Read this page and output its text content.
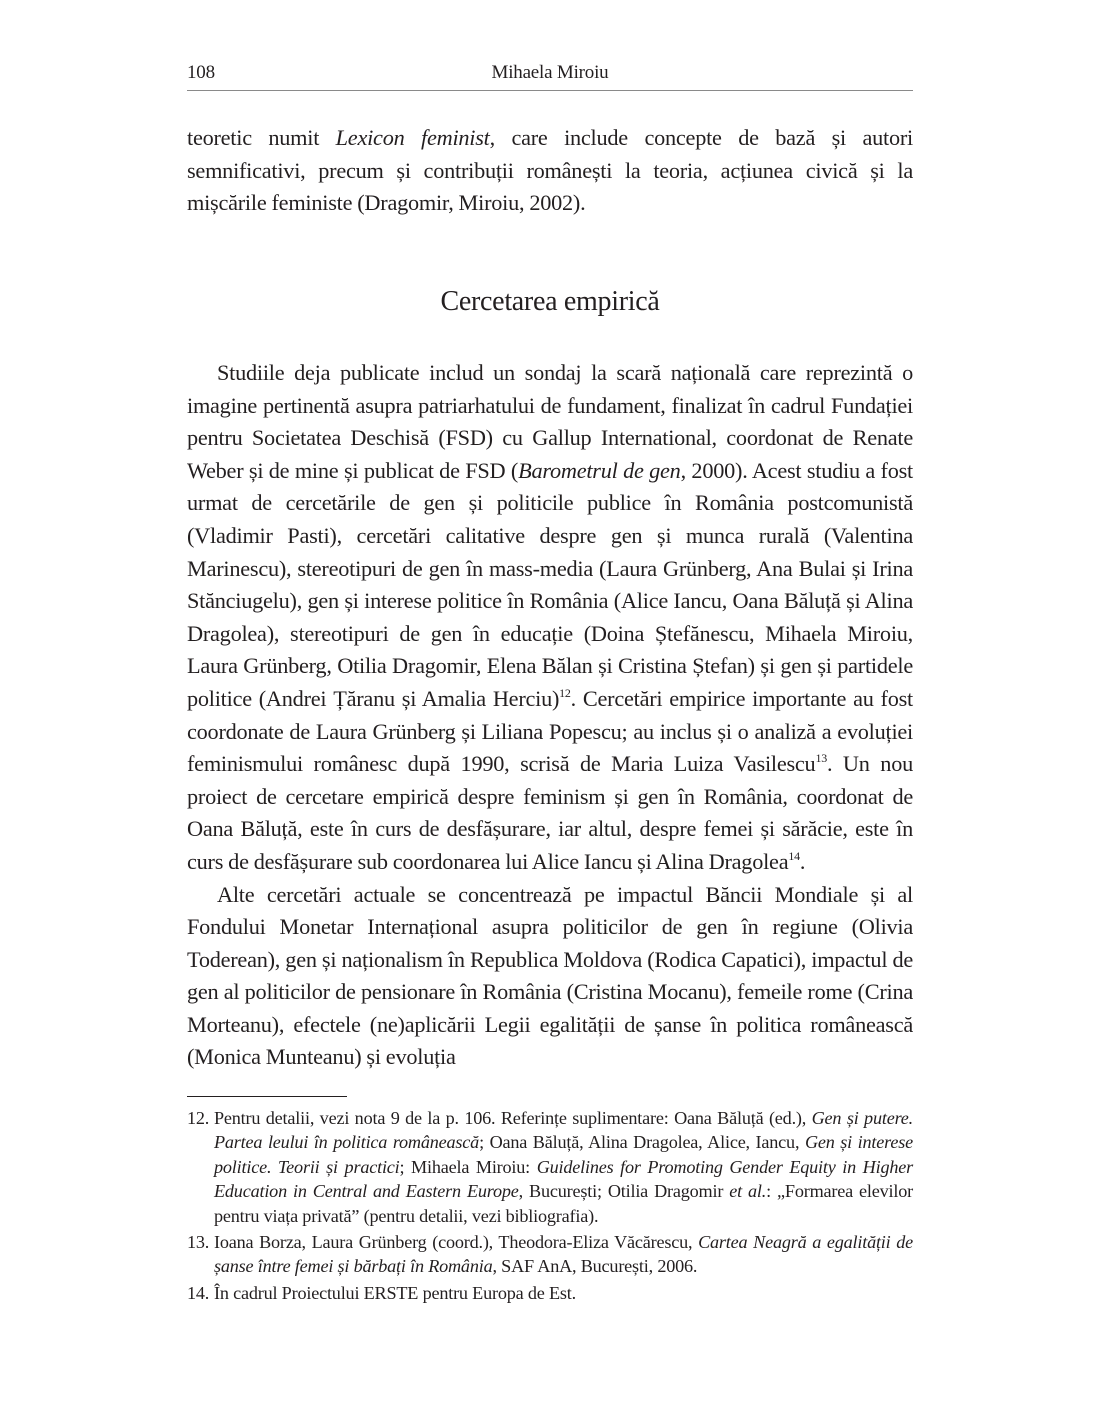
108	Mihaela Miroiu

teoretic numit Lexicon feminist, care include concepte de bază și autori semnificativi, precum și contribuții românești la teoria, acțiunea civică și la mișcările feministe (Dragomir, Miroiu, 2002).

Cercetarea empirică

Studiile deja publicate includ un sondaj la scară națională care reprezintă o imagine pertinentă asupra patriarhatului de fundament, finalizat în cadrul Fundației pentru Societatea Deschisă (FSD) cu Gallup International, coordonat de Renate Weber și de mine și publicat de FSD (Barometrul de gen, 2000). Acest studiu a fost urmat de cercetările de gen și politicile publice în România postcomunistă (Vladimir Pasti), cercetări calitative despre gen și munca rurală (Valentina Marinescu), stereotipuri de gen în mass-media (Laura Grünberg, Ana Bulai și Irina Stănciugelu), gen și interese politice în România (Alice Iancu, Oana Băluță și Alina Dragolea), stereotipuri de gen în educație (Doina Ștefănescu, Mihaela Miroiu, Laura Grünberg, Otilia Dragomir, Elena Bălan și Cristina Ștefan) și gen și partidele politice (Andrei Țăranu și Amalia Herciu)$^{12}$. Cercetări empirice importante au fost coordonate de Laura Grünberg și Liliana Popescu; au inclus și o analiză a evoluției feminismului românesc după 1990, scrisă de Maria Luiza Vasilescu$^{13}$. Un nou proiect de cercetare empirică despre feminism și gen în România, coordonat de Oana Băluță, este în curs de desfășurare, iar altul, despre femei și sărăcie, este în curs de desfășurare sub coordonarea lui Alice Iancu și Alina Dragolea$^{14}$.

Alte cercetări actuale se concentrează pe impactul Băncii Mondiale și al Fondului Monetar Internațional asupra politicilor de gen în regiune (Olivia Toderean), gen și naționalism în Republica Moldova (Rodica Capatici), impactul de gen al politicilor de pensionare în România (Cristina Mocanu), femeile rome (Crina Morteanu), efectele (ne)aplicării Legii egalității de șanse în politica românească (Monica Munteanu) și evoluția

12. Pentru detalii, vezi nota 9 de la p. 106. Referințe suplimentare: Oana Băluță (ed.), Gen și putere. Partea leului în politica românească; Oana Băluță, Alina Dragolea, Alice, Iancu, Gen și interese politice. Teorii și practici; Mihaela Miroiu: Guidelines for Promoting Gender Equity in Higher Education in Central and Eastern Europe, București; Otilia Dragomir et al.: „Formarea elevilor pentru viața privată” (pentru detalii, vezi bibliografia).
13. Ioana Borza, Laura Grünberg (coord.), Theodora-Eliza Văcărescu, Cartea Neagră a egalității de șanse între femei și bărbați în România, SAF AnA, București, 2006.
14. În cadrul Proiectului ERSTE pentru Europa de Est.
